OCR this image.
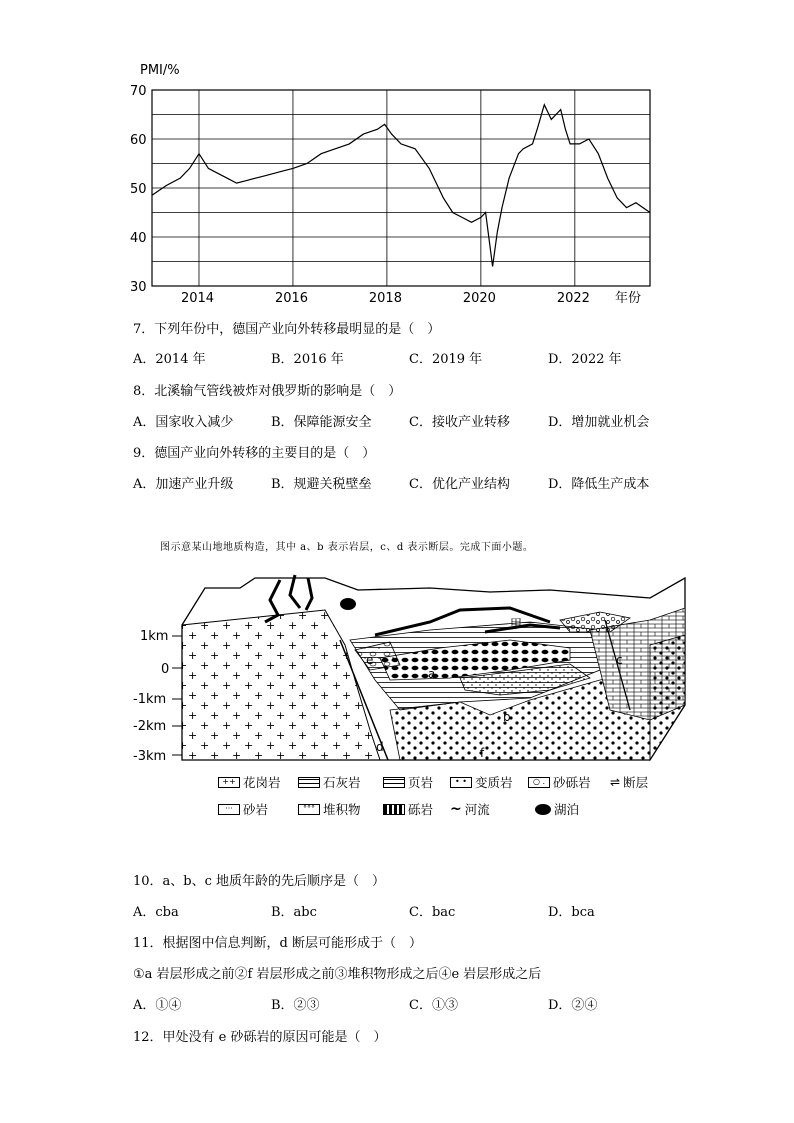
PMI/%
年份
2014	2016	2018	2020	2022
30
40
50
60
70
7．下列年份中，德国产业向外转移最明显的是（　）
A．2014 年	B．2016 年	C．2019 年	D．2022 年
8．北溪输气管线被炸对俄罗斯的影响是（　）
A．国家收入减少	B．保障能源安全	C．接收产业转移	D．增加就业机会
9．德国产业向外转移的主要目的是（　）
A．加速产业升级	B．规避关税壁垒	C．优化产业结构	D．降低生产成本
图示意某山地地质构造，其中 a、b 表示岩层，c、d 表示断层。完成下面小题。
1km
0
-1km
-2km
-3km
甲
a
b
c
d
e
f
++ 花岗岩	石灰岩	页岩	• • 变质岩	○ . 砂砾岩 ⇌ 断层
··· 砂岩	°°° 堆积物	砾岩 ~ 河流	湖泊
10．a、b、c 地质年龄的先后顺序是（　）
A．cba	B．abc	C．bac	D．bca
11．根据图中信息判断，d 断层可能形成于（　）
①a 岩层形成之前②f 岩层形成之前③堆积物形成之后④e 岩层形成之后
A．①④	B．②③	C．①③	D．②④
12．甲处没有 e 砂砾岩的原因可能是（　）
